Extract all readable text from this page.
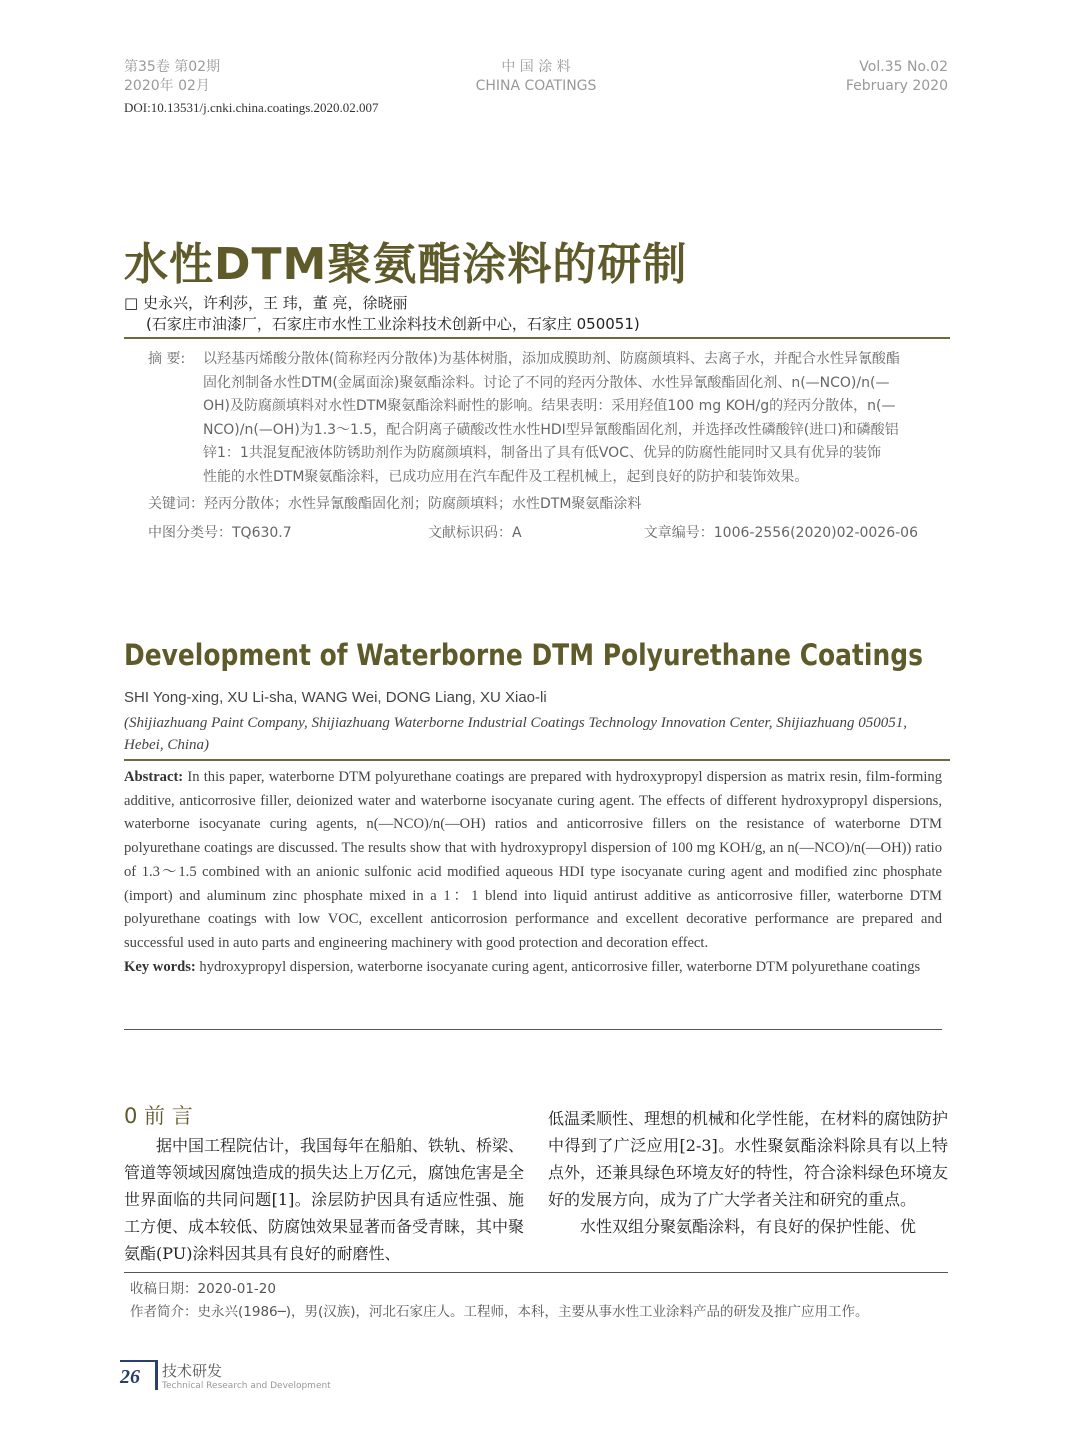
第35卷 第02期
2020年 02月
中 国 涂 料
CHINA COATINGS
Vol.35 No.02
February 2020
DOI:10.13531/j.cnki.china.coatings.2020.02.007
水性DTM聚氨酯涂料的研制
□ 史永兴，许利莎，王 玮，董 亮，徐晓丽
(石家庄市油漆厂，石家庄市水性工业涂料技术创新中心，石家庄 050051)
摘 要: 以羟基丙烯酸分散体(简称羟丙分散体)为基体树脂，添加成膜助剂、防腐颜填料、去离子水，并配合水性异氰酸酯
固化剂制备水性DTM(金属面涂)聚氨酯涂料。讨论了不同的羟丙分散体、水性异氰酸酯固化剂、n(—NCO)/n(—
OH)及防腐颜填料对水性DTM聚氨酯涂料耐性的影响。结果表明：采用羟值100 mg KOH/g的羟丙分散体，n(—
NCO)/n(—OH)为1.3～1.5，配合阴离子磺酸改性水性HDI型异氰酸酯固化剂，并选择改性磷酸锌(进口)和磷酸铝
锌1：1共混复配液体防锈助剂作为防腐颜填料，制备出了具有低VOC、优异的防腐性能同时又具有优异的装饰
性能的水性DTM聚氨酯涂料，已成功应用在汽车配件及工程机械上，起到良好的防护和装饰效果。
关键词：羟丙分散体；水性异氰酸酯固化剂；防腐颜填料；水性DTM聚氨酯涂料
中图分类号：TQ630.7	文献标识码：A	文章编号：1006-2556(2020)02-0026-06
Development of Waterborne DTM Polyurethane Coatings
SHI Yong-xing, XU Li-sha, WANG Wei, DONG Liang, XU Xiao-li
(Shijiazhuang Paint Company, Shijiazhuang Waterborne Industrial Coatings Technology Innovation Center, Shijiazhuang 050051, Hebei, China)

Abstract: In this paper, waterborne DTM polyurethane coatings are prepared with hydroxypropyl dispersion as matrix resin, film-forming additive, anticorrosive filler, deionized water and waterborne isocyanate curing agent. The effects of different hydroxypropyl dispersions, waterborne isocyanate curing agents, n(—NCO)/n(—OH) ratios and anticorrosive fillers on the resistance of waterborne DTM polyurethane coatings are discussed. The results show that with hydroxypropyl dispersion of 100 mg KOH/g, an n(—NCO)/n(—OH)) ratio of 1.3～1.5 combined with an anionic sulfonic acid modified aqueous HDI type isocyanate curing agent and modified zinc phosphate (import) and aluminum zinc phosphate mixed in a 1：1 blend into liquid antirust additive as anticorrosive filler, waterborne DTM polyurethane coatings with low VOC, excellent anticorrosion performance and excellent decorative performance are prepared and successful used in auto parts and engineering machinery with good protection and decoration effect.

Key words: hydroxypropyl dispersion, waterborne isocyanate curing agent, anticorrosive filler, waterborne DTM polyurethane coatings

0 前 言
据中国工程院估计，我国每年在船舶、铁轨、桥梁、管道等领域因腐蚀造成的损失达上万亿元，腐蚀危害是全世界面临的共同问题[1]。涂层防护因具有适应性强、施工方便、成本较低、防腐蚀效果显著而备受青睐，其中聚氨酯(PU)涂料因其具有良好的耐磨性、
低温柔顺性、理想的机械和化学性能，在材料的腐蚀防护中得到了广泛应用[2-3]。水性聚氨酯涂料除具有以上特点外，还兼具绿色环境友好的特性，符合涂料绿色环境友好的发展方向，成为了广大学者关注和研究的重点。
水性双组分聚氨酯涂料，有良好的保护性能、优
收稿日期：2020-01-20
作者简介：史永兴(1986─)，男(汉族)，河北石家庄人。工程师，本科，主要从事水性工业涂料产品的研发及推广应用工作。
26	技术研发
Technical Research and Development
